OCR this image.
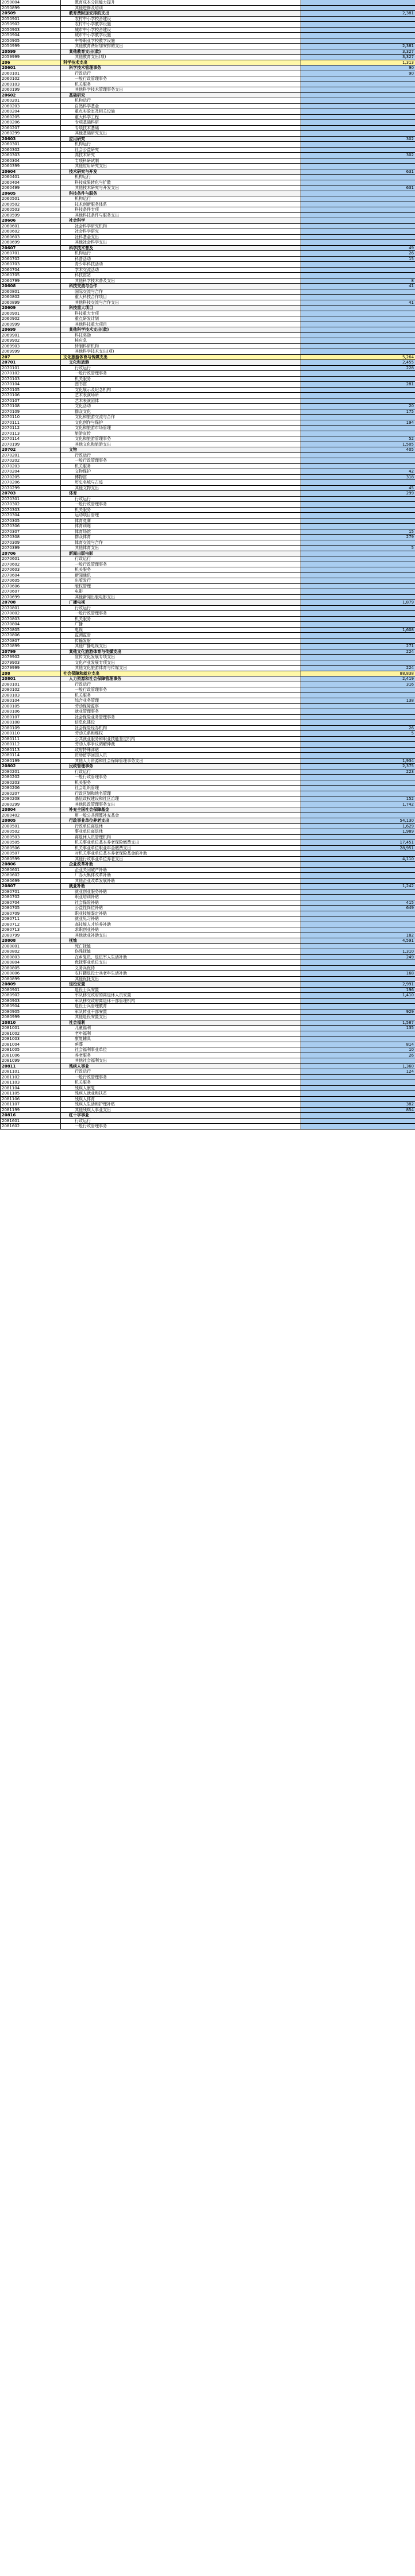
2050804	教育成本分担能力提升
2050899	其他进修及培训
20509	教育费附加安排的支出	2,381
2050901	农村中小学校舍建设
2050902	农村中小学教学设施
2050903	城市中小学校舍建设
2050904	城市中小学教学设施
2050905	中等职业学校教学设施
2050999	其他教育费附加安排的支出	2,381
20599	其他教育支出(款)	3,327
2059999	其他教育支出(项)	3,327
206	科学技术支出	1,313
20601	科学技术管理事务	90
2060101	行政运行	90
2060102	一般行政管理事务
2060103	机关服务
2060199	其他科学技术管理事务支出
20602	基础研究
2060201	机构运行
2060203	自然科学基金
2060204	重点实验室及相关设施
2060205	重大科学工程
2060206	专项基础科研
2060207	专项技术基础
2060299	其他基础研究支出
20603	应用研究	302
2060301	机构运行
2060302	社会公益研究
2060303	高技术研究	302
2060304	专项科研试制
2060399	其他应用研究支出
20604	技术研究与开发	631
2060401	机构运行
2060404	科技成果转化与扩散
2060499	其他技术研究与开发支出	631
20605	科技条件与服务
2060501	机构运行
2060502	技术创新服务体系
2060503	科技条件专项
2060599	其他科技条件与服务支出
20606	社会科学
2060601	社会科学研究机构
2060602	社会科学研究
2060603	社科基金支出
2060699	其他社会科学支出
20607	科学技术普及	49
2060701	机构运行	26
2060702	科普活动	15
2060703	青少年科技活动
2060704	学术交流活动
2060705	科技馆站
2060799	其他科学技术普及支出	8
20608	科技交流与合作	41
2060801	国际交流与合作
2060802	重大科技合作项目
2060899	其他科技交流与合作支出	41
20609	科技重大项目
2060901	科技重大专项
2060902	重点研发计划
2060999	其他科技重大项目
20699	其他科学技术支出(款)
2069901	科技奖励
2069902	核应急
2069903	转制科研机构
2069999	其他科学技术支出(项)
207	文化旅游体育与传媒支出	5,264
20701	文化和旅游	2,455
2070101	行政运行	228
2070102	一般行政管理事务
2070103	机关服务
2070104	图书馆	281
2070105	文化展示及纪念机构
2070106	艺术表演场所
2070107	艺术表演团体
2070108	文化活动	20
2070109	群众文化	175
2070110	文化和旅游交流与合作
2070111	文化创作与保护	194
2070112	文化和旅游市场管理
2070113	旅游宣传
2070114	文化和旅游管理事务	52
2070199	其他文化和旅游支出	1,505
20702	文物	405
2070201	行政运行
2070202	一般行政管理事务
2070203	机关服务
2070204	文物保护	42
2070205	博物馆	318
2070206	历史名城与古迹
2070299	其他文物支出	45
20703	体育	299
2070301	行政运行
2070302	一般行政管理事务
2070303	机关服务
2070304	运动项目管理
2070305	体育竞赛
2070306	体育训练
2070307	体育场馆	15
2070308	群众体育	279
2070309	体育交流与合作
2070399	其他体育支出	5
20706	新闻出版电影
2070601	行政运行
2070602	一般行政管理事务
2070603	机关服务
2070604	新闻通讯
2070605	出版发行
2070606	版权管理
2070607	电影
2070699	其他新闻出版电影支出
20708	广播电视	1,879
2070801	行政运行
2070802	一般行政管理事务
2070803	机关服务
2070804	广播
2070805	电视	1,608
2070806	监测监管
2070807	传输发射
2070899	其他广播电视支出	271
20799	其他文化旅游体育与传媒支出	224
2079902	宣传文化发展专项支出
2079903	文化产业发展专项支出
2079999	其他文化旅游体育与传媒支出	224
208	社会保障和就业支出	88,838
20801	人力资源和社会保障管理事务	2,419
2080101	行政运行	316
2080102	一般行政管理事务
2080103	机关服务
2080104	综合业务管理	138
2080105	劳动保障监察
2080106	就业管理事务
2080107	社会保险业务管理事务
2080108	信息化建设
2080109	社会保险经办机构	26
2080110	劳动关系和维权	5
2080111	公共就业服务和职业技能鉴定机构
2080112	劳动人事争议调解仲裁
2080113	政府特殊津贴
2080114	资助留学回国人员
2080199	其他人力资源和社会保障管理事务支出	1,934
20802	民政管理事务	2,375
2080201	行政运行	223
2080202	一般行政管理事务
2080203	机关服务
2080206	社会组织管理
2080207	行政区划和地名管理
2080208	基层政权建设和社区治理	152
2080299	其他民政管理事务支出	1,742
20804	补充全国社会保障基金
2080402	用一般公共预算补充基金
20805	行政事业单位养老支出	54,130
2080501	行政单位离退休	1,629
2080502	事业单位离退休	1,989
2080503	离退休人员管理机构
2080505	机关事业单位基本养老保险缴费支出	17,451
2080506	机关事业单位职业年金缴费支出	28,951
2080507	对机关事业单位基本养老保险基金的补助
2080599	其他行政事业单位养老支出	4,110
20806	企业改革补助
2080601	企业关闭破产补助
2080602	厂办大集体改革补助
2080699	其他企业改革发展补助
20807	就业补助	1,242
2080701	就业创业服务补贴
2080702	职业培训补贴
2080704	社会保险补贴	415
2080705	公益性岗位补贴	649
2080709	职业技能鉴定补贴
2080711	就业见习补贴
2080712	高技能人才培养补助
2080713	求职创业补贴
2080799	其他就业补助支出	182
20808	抚恤	4,591
2080801	死亡抚恤
2080802	伤残抚恤	1,310
2080803	在乡复员、退伍军人生活补助	249
2080804	优抚事业单位支出
2080805	义务兵优待
2080806	农村籍退役士兵老年生活补助	168
2080899	其他优抚支出
20809	退役安置	2,991
2080901	退役士兵安置	196
2080902	军队移交政府的离退休人员安置	1,410
2080903	军队移交政府离退休干部管理机构
2080904	退役士兵管理教育
2080905	军队转业干部安置	929
2080999	其他退役安置支出
20810	社会福利	1,587
2081001	儿童福利	135
2081002	老年福利
2081003	康复辅具
2081004	殡葬	814
2081005	社会福利事业单位	10
2081006	养老服务	26
2081099	其他社会福利支出
20811	残疾人事业	1,360
2081101	行政运行	124
2081102	一般行政管理事务
2081103	机关服务
2081104	残疾人康复
2081105	残疾人就业和扶贫
2081106	残疾人体育
2081107	残疾人生活和护理补贴	382
2081199	其他残疾人事业支出	854
20816	红十字事业
2081601	行政运行
2081602	一般行政管理事务
